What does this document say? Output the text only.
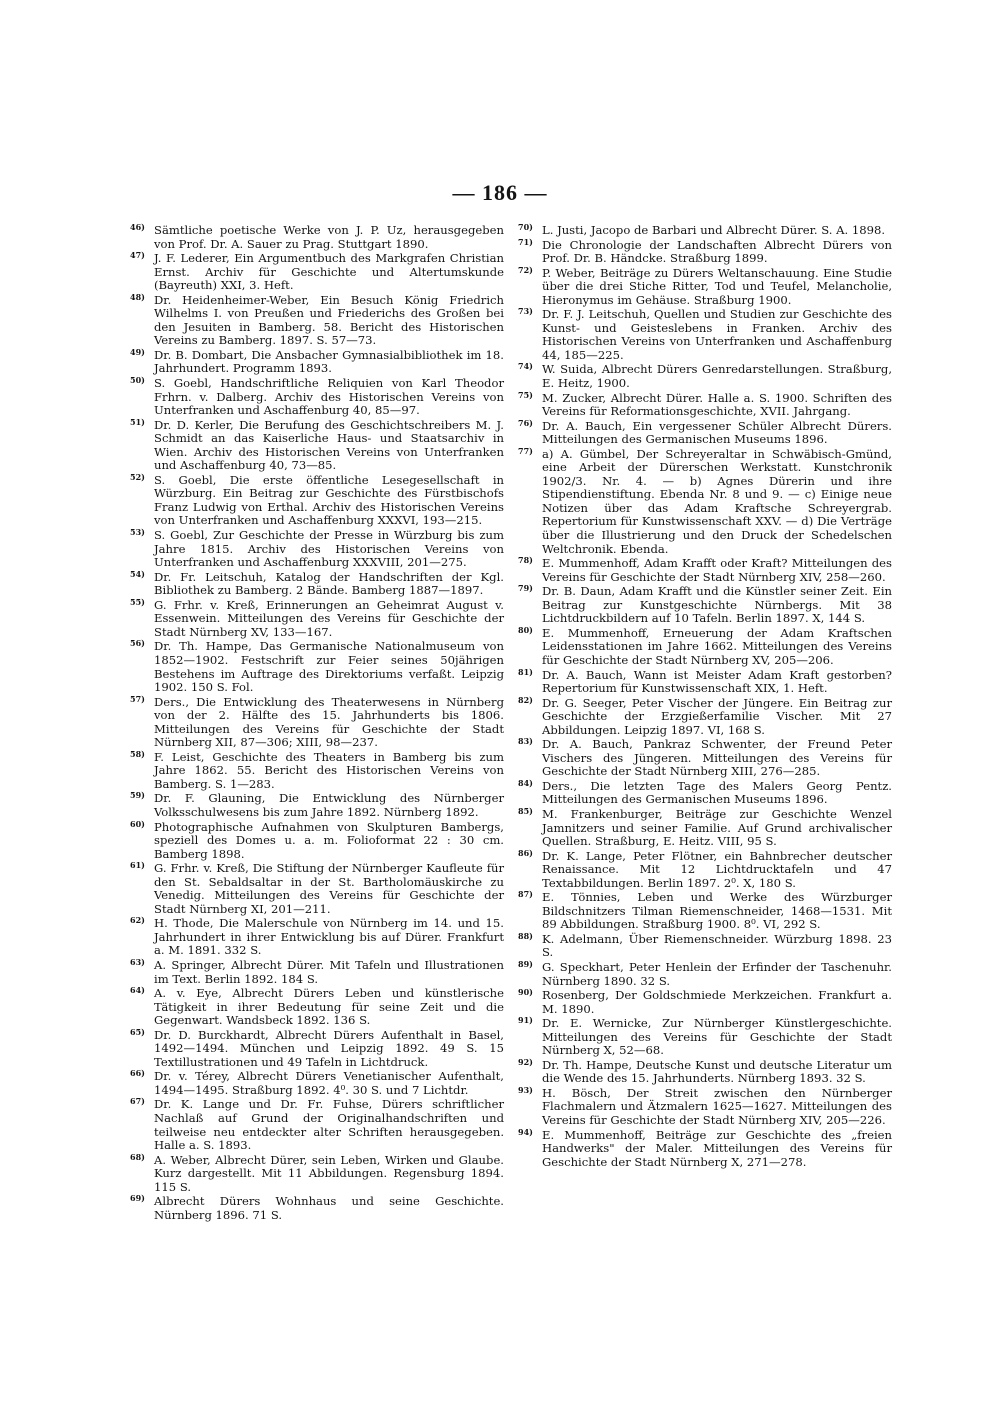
— 186 —
46) Sämtliche poetische Werke von J. P. Uz, herausgegeben von Prof. Dr. A. Sauer zu Prag. Stuttgart 1890.
47) J. F. Lederer, Ein Argumentbuch des Markgrafen Christian Ernst. Archiv für Geschichte und Altertumskunde (Bayreuth) XXI, 3. Heft.
48) Dr. Heidenheimer-Weber, Ein Besuch König Friedrich Wilhelms I. von Preußen und Friederichs des Großen bei den Jesuiten in Bamberg. 58. Bericht des Historischen Vereins zu Bamberg. 1897. S. 57—73.
49) Dr. B. Dombart, Die Ansbacher Gymnasialbibliothek im 18. Jahrhundert. Programm 1893.
50) S. Goebl, Handschriftliche Reliquien von Karl Theodor Frhrn. v. Dalberg. Archiv des Historischen Vereins von Unterfranken und Aschaffenburg 40, 85—97.
51) Dr. D. Kerler, Die Berufung des Geschichtschreibers M. J. Schmidt an das Kaiserliche Haus- und Staatsarchiv in Wien. Archiv des Historischen Vereins von Unterfranken und Aschaffenburg 40, 73—85.
52) S. Goebl, Die erste öffentliche Lesegesellschaft in Würzburg. Ein Beitrag zur Geschichte des Fürstbischofs Franz Ludwig von Erthal. Archiv des Historischen Vereins von Unterfranken und Aschaffenburg XXXVI, 193—215.
53) S. Goebl, Zur Geschichte der Presse in Würzburg bis zum Jahre 1815. Archiv des Historischen Vereins von Unterfranken und Aschaffenburg XXXVIII, 201—275.
54) Dr. Fr. Leitschuh, Katalog der Handschriften der Kgl. Bibliothek zu Bamberg. 2 Bände. Bamberg 1887—1897.
55) G. Frhr. v. Kreß, Erinnerungen an Geheimrat August v. Essenwein. Mitteilungen des Vereins für Geschichte der Stadt Nürnberg XV, 133—167.
56) Dr. Th. Hampe, Das Germanische Nationalmuseum von 1852—1902. Festschrift zur Feier seines 50jährigen Bestehens im Auftrage des Direktoriums verfaßt. Leipzig 1902. 150 S. Fol.
57) Ders., Die Entwicklung des Theaterwesens in Nürnberg von der 2. Hälfte des 15. Jahrhunderts bis 1806. Mitteilungen des Vereins für Geschichte der Stadt Nürnberg XII, 87—306; XIII, 98—237.
58) F. Leist, Geschichte des Theaters in Bamberg bis zum Jahre 1862. 55. Bericht des Historischen Vereins von Bamberg. S. 1—283.
59) Dr. F. Glauning, Die Entwicklung des Nürnberger Volksschulwesens bis zum Jahre 1892. Nürnberg 1892.
60) Photographische Aufnahmen von Skulpturen Bambergs, speziell des Domes u. a. m. Folioformat 22 : 30 cm. Bamberg 1898.
61) G. Frhr. v. Kreß, Die Stiftung der Nürnberger Kaufleute für den St. Sebaldsaltar in der St. Bartholomäuskirche zu Venedig. Mitteilungen des Vereins für Geschichte der Stadt Nürnberg XI, 201—211.
62) H. Thode, Die Malerschule von Nürnberg im 14. und 15. Jahrhundert in ihrer Entwicklung bis auf Dürer. Frankfurt a. M. 1891. 332 S.
63) A. Springer, Albrecht Dürer. Mit Tafeln und Illustrationen im Text. Berlin 1892. 184 S.
64) A. v. Eye, Albrecht Dürers Leben und künstlerische Tätigkeit in ihrer Bedeutung für seine Zeit und die Gegenwart. Wandsbeck 1892. 136 S.
65) Dr. D. Burckhardt, Albrecht Dürers Aufenthalt in Basel, 1492—1494. München und Leipzig 1892. 49 S. 15 Textillustrationen und 49 Tafeln in Lichtdruck.
66) Dr. v. Térey, Albrecht Dürers Venetianischer Aufenthalt, 1494—1495. Straßburg 1892. 4⁰. 30 S. und 7 Lichtdr.
67) Dr. K. Lange und Dr. Fr. Fuhse, Dürers schriftlicher Nachlaß auf Grund der Originalhandschriften und teilweise neu entdeckter alter Schriften herausgegeben. Halle a. S. 1893.
68) A. Weber, Albrecht Dürer, sein Leben, Wirken und Glaube. Kurz dargestellt. Mit 11 Abbildungen. Regensburg 1894. 115 S.
69) Albrecht Dürers Wohnhaus und seine Geschichte. Nürnberg 1896. 71 S.
70) L. Justi, Jacopo de Barbari und Albrecht Dürer. S. A. 1898.
71) Die Chronologie der Landschaften Albrecht Dürers von Prof. Dr. B. Händcke. Straßburg 1899.
72) P. Weber, Beiträge zu Dürers Weltanschauung. Eine Studie über die drei Stiche Ritter, Tod und Teufel, Melancholie, Hieronymus im Gehäuse. Straßburg 1900.
73) Dr. F. J. Leitschuh, Quellen und Studien zur Geschichte des Kunst- und Geisteslebens in Franken. Archiv des Historischen Vereins von Unterfranken und Aschaffenburg 44, 185—225.
74) W. Suida, Albrecht Dürers Genredarstellungen. Straßburg, E. Heitz, 1900.
75) M. Zucker, Albrecht Dürer. Halle a. S. 1900. Schriften des Vereins für Reformationsgeschichte, XVII. Jahrgang.
76) Dr. A. Bauch, Ein vergessener Schüler Albrecht Dürers. Mitteilungen des Germanischen Museums 1896.
77) a) A. Gümbel, Der Schreyeraltar in Schwäbisch-Gmünd, eine Arbeit der Dürerschen Werkstatt. Kunstchronik 1902/3. Nr. 4. — b) Agnes Dürerin und ihre Stipendienstiftung. Ebenda Nr. 8 und 9. — c) Einige neue Notizen über das Adam Kraftsche Schreyergrab. Repertorium für Kunstwissenschaft XXV. — d) Die Verträge über die Illustrierung und den Druck der Schedelschen Weltchronik. Ebenda.
78) E. Mummenhoff, Adam Krafft oder Kraft? Mitteilungen des Vereins für Geschichte der Stadt Nürnberg XIV, 258—260.
79) Dr. B. Daun, Adam Krafft und die Künstler seiner Zeit. Ein Beitrag zur Kunstgeschichte Nürnbergs. Mit 38 Lichtdruckbildern auf 10 Tafeln. Berlin 1897. X, 144 S.
80) E. Mummenhoff, Erneuerung der Adam Kraftschen Leidensstationen im Jahre 1662. Mitteilungen des Vereins für Geschichte der Stadt Nürnberg XV, 205—206.
81) Dr. A. Bauch, Wann ist Meister Adam Kraft gestorben? Repertorium für Kunstwissenschaft XIX, 1. Heft.
82) Dr. G. Seeger, Peter Vischer der Jüngere. Ein Beitrag zur Geschichte der Erzgießerfamilie Vischer. Mit 27 Abbildungen. Leipzig 1897. VI, 168 S.
83) Dr. A. Bauch, Pankraz Schwenter, der Freund Peter Vischers des Jüngeren. Mitteilungen des Vereins für Geschichte der Stadt Nürnberg XIII, 276—285.
84) Ders., Die letzten Tage des Malers Georg Pentz. Mitteilungen des Germanischen Museums 1896.
85) M. Frankenburger, Beiträge zur Geschichte Wenzel Jamnitzers und seiner Familie. Auf Grund archivalischer Quellen. Straßburg, E. Heitz. VIII, 95 S.
86) Dr. K. Lange, Peter Flötner, ein Bahnbrecher deutscher Renaissance. Mit 12 Lichtdrucktafeln und 47 Textabbildungen. Berlin 1897. 2⁰. X, 180 S.
87) E. Tönnies, Leben und Werke des Würzburger Bildschnitzers Tilman Riemenschneider, 1468—1531. Mit 89 Abbildungen. Straßburg 1900. 8⁰. VI, 292 S.
88) K. Adelmann, Über Riemenschneider. Würzburg 1898. 23 S.
89) G. Speckhart, Peter Henlein der Erfinder der Taschenuhr. Nürnberg 1890. 32 S.
90) Rosenberg, Der Goldschmiede Merkzeichen. Frankfurt a. M. 1890.
91) Dr. E. Wernicke, Zur Nürnberger Künstlergeschichte. Mitteilungen des Vereins für Geschichte der Stadt Nürnberg X, 52—68.
92) Dr. Th. Hampe, Deutsche Kunst und deutsche Literatur um die Wende des 15. Jahrhunderts. Nürnberg 1893. 32 S.
93) H. Bösch, Der Streit zwischen den Nürnberger Flachmalern und Ätzmalern 1625—1627. Mitteilungen des Vereins für Geschichte der Stadt Nürnberg XIV, 205—226.
94) E. Mummenhoff, Beiträge zur Geschichte des „freien Handwerks" der Maler. Mitteilungen des Vereins für Geschichte der Stadt Nürnberg X, 271—278.
